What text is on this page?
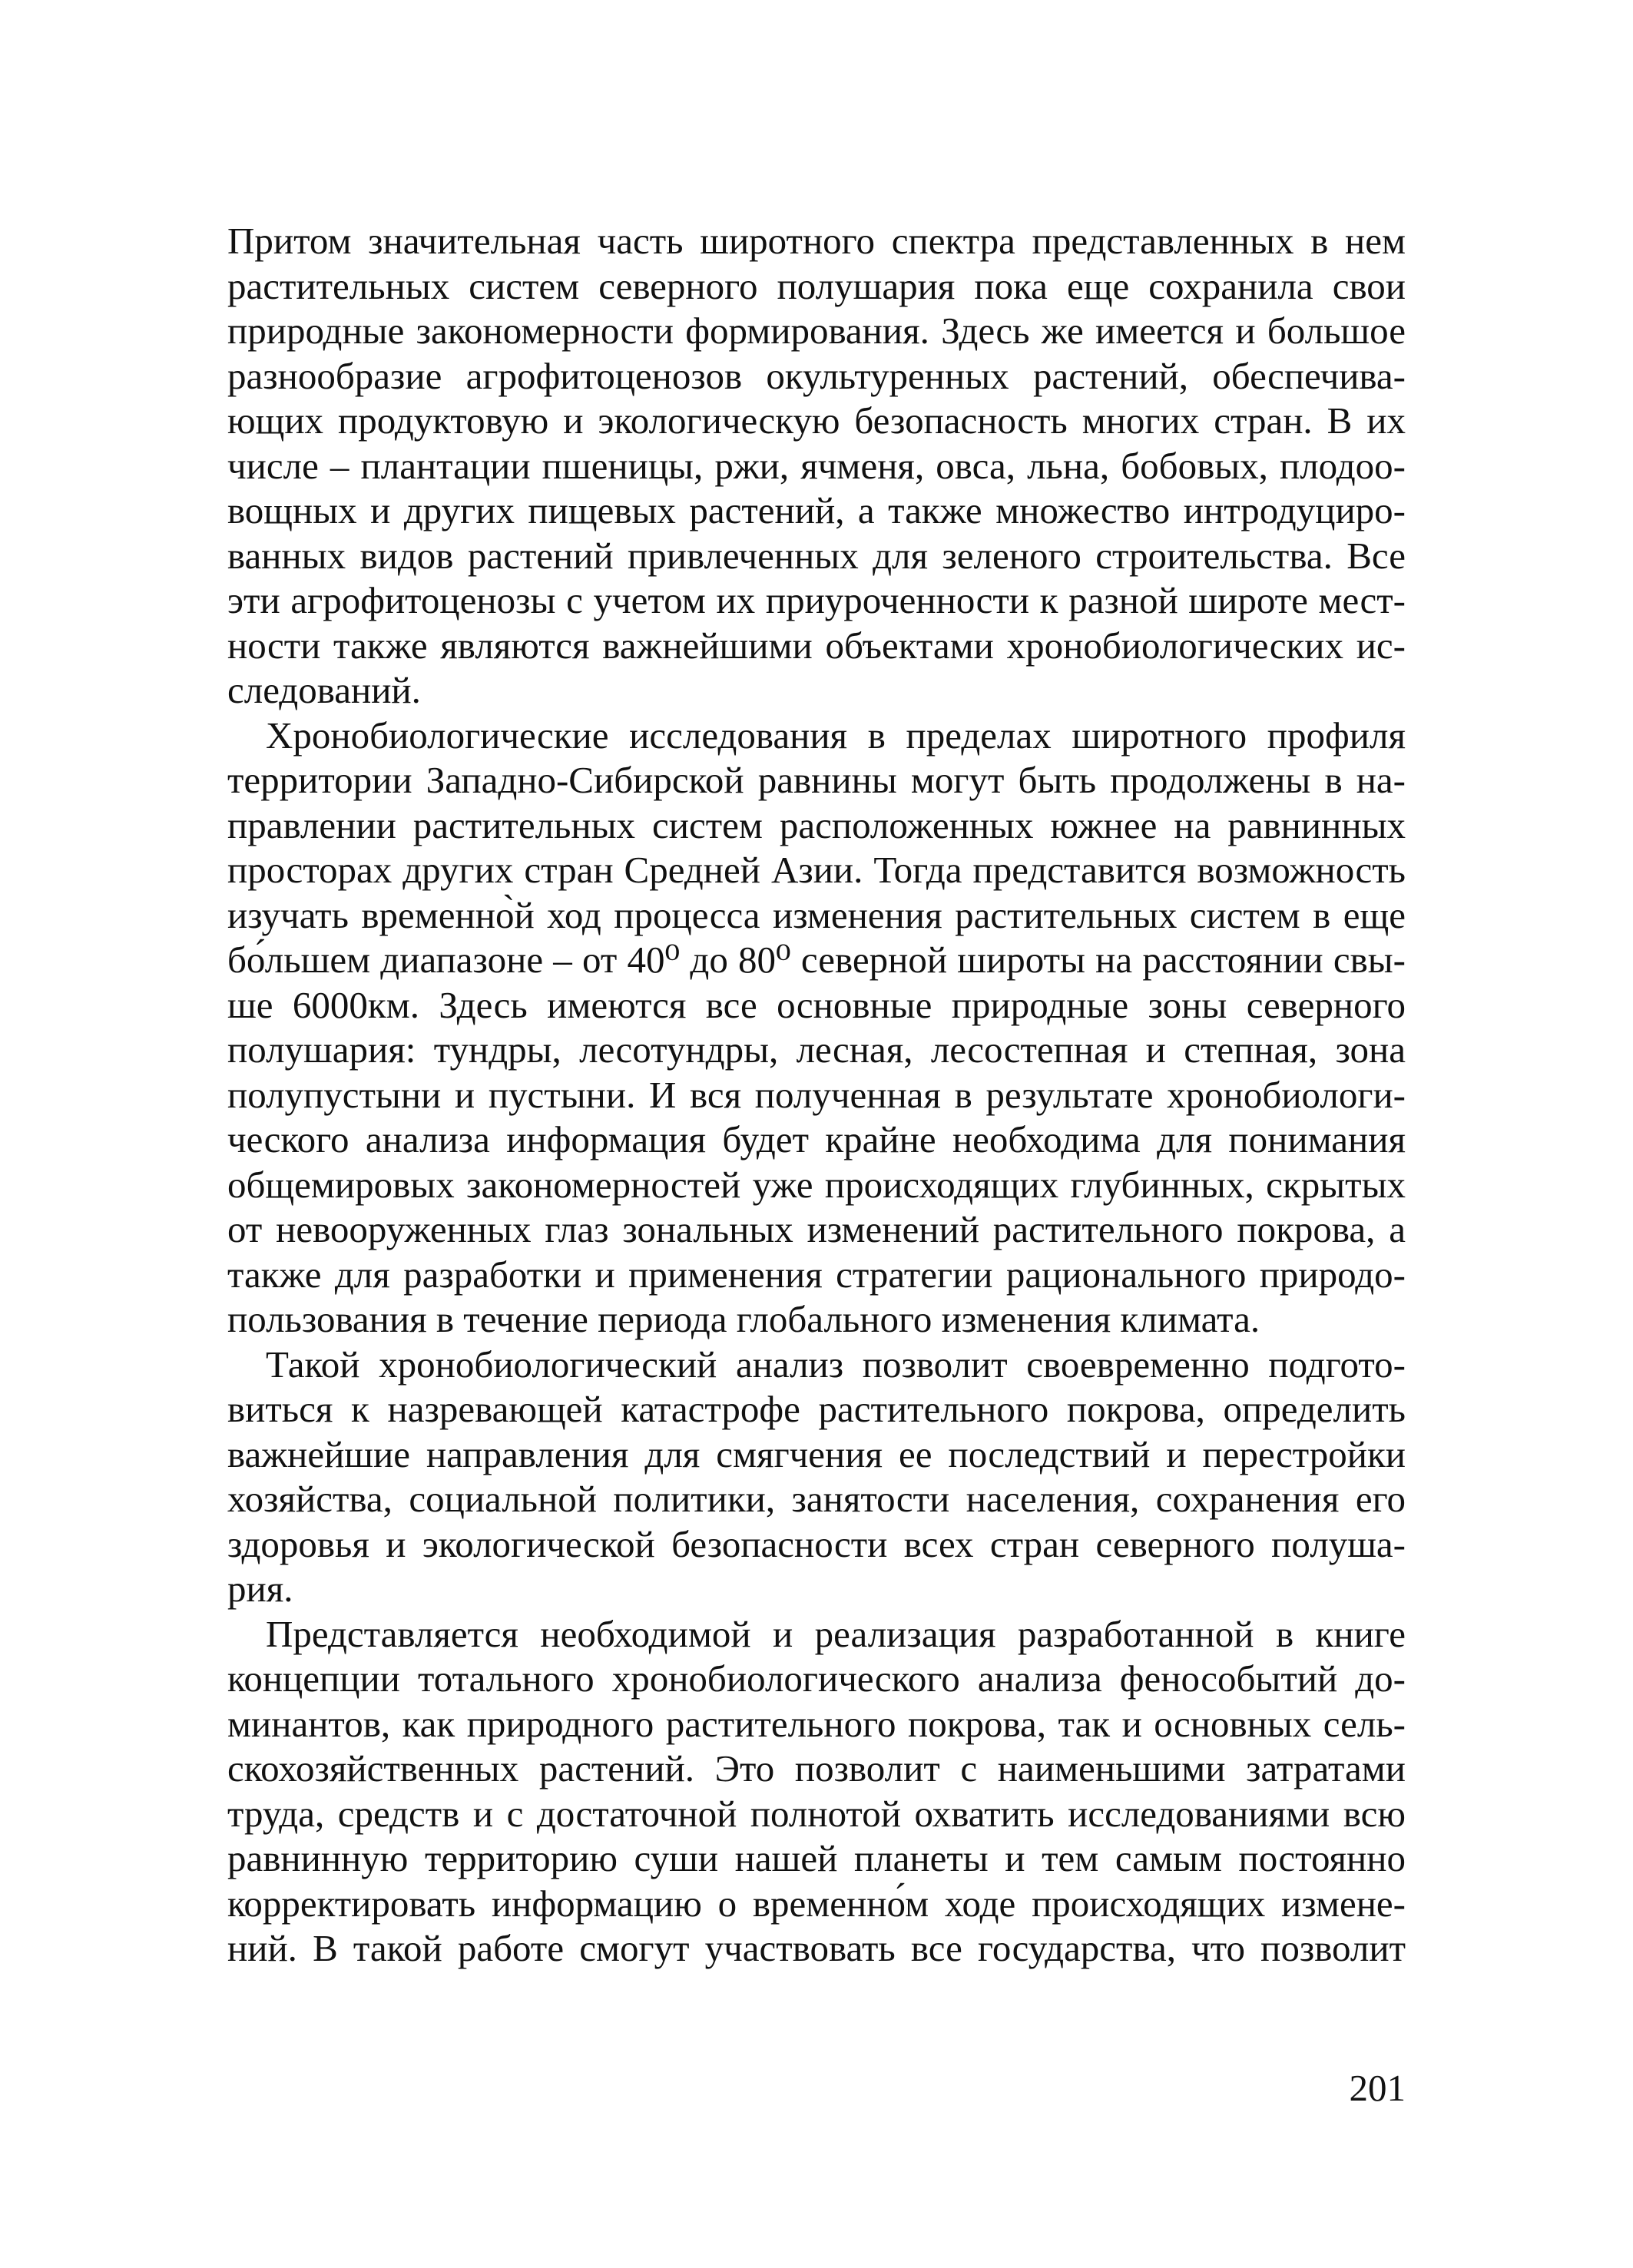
Притом значительная часть широтного спектра представленных в нем
растительных систем северного полушария пока еще сохранила свои
природные закономерности формирования. Здесь же имеется и большое
разнообразие агрофитоценозов окультуренных растений, обеспечива-
ющих продуктовую и экологическую безопасность многих стран. В их
числе – плантации пшеницы, ржи, ячменя, овса, льна, бобовых, плодоо-
вощных и других пищевых растений, а также множество интродуциро-
ванных видов растений привлеченных для зеленого строительства. Все
эти агрофитоценозы с учетом их приуроченности к разной широте мест-
ности также являются важнейшими объектами хронобиологических ис-
следований.
Хронобиологические исследования в пределах широтного профиля
территории Западно-Сибирской равнины могут быть продолжены в на-
правлении растительных систем расположенных южнее на равнинных
просторах других стран Средней Азии. Тогда представится возможность
изучать временно̀й ход процесса изменения растительных систем в еще
бо́льшем диапазоне – от 40⁰ до 80⁰ северной широты на расстоянии свы-
ше 6000км. Здесь имеются все основные природные зоны северного
полушария: тундры, лесотундры, лесная, лесостепная и степная, зона
полупустыни и пустыни. И вся полученная в результате хронобиологи-
ческого анализа информация будет крайне необходима для понимания
общемировых закономерностей уже происходящих глубинных, скрытых
от невооруженных глаз зональных изменений растительного покрова, а
также для разработки и применения стратегии рационального природо-
пользования в течение периода глобального изменения климата.
Такой хронобиологический анализ позволит своевременно подгото-
виться к назревающей катастрофе растительного покрова, определить
важнейшие направления для смягчения ее последствий и перестройки
хозяйства, социальной политики, занятости населения, сохранения его
здоровья и экологической безопасности всех стран северного полуша-
рия.
Представляется необходимой и реализация разработанной в книге
концепции тотального хронобиологического анализа фенособытий до-
минантов, как природного растительного покрова, так и основных сель-
скохозяйственных растений. Это позволит с наименьшими затратами
труда, средств и с достаточной полнотой охватить исследованиями всю
равнинную территорию суши нашей планеты и тем самым постоянно
корректировать информацию о временно́м ходе происходящих измене-
ний. В такой работе смогут участвовать все государства, что позволит
201
